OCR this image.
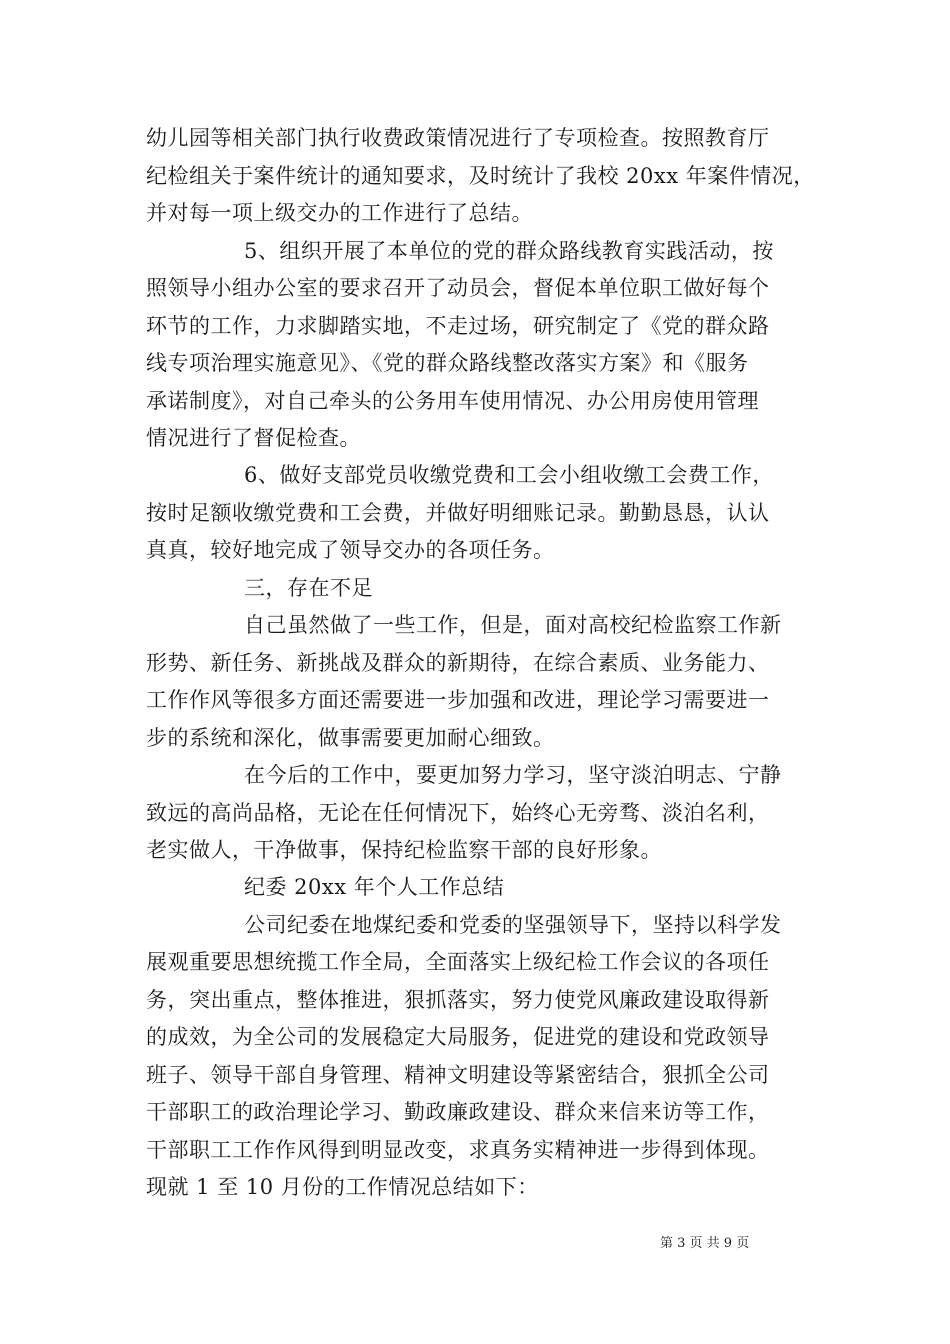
幼儿园等相关部门执行收费政策情况进行了专项检查。按照教育厅
纪检组关于案件统计的通知要求，及时统计了我校 20xx 年案件情况，
并对每一项上级交办的工作进行了总结。
5、组织开展了本单位的党的群众路线教育实践活动，按
照领导小组办公室的要求召开了动员会，督促本单位职工做好每个
环节的工作，力求脚踏实地，不走过场，研究制定了《党的群众路
线专项治理实施意见》、《党的群众路线整改落实方案》和《服务
承诺制度》，对自己牵头的公务用车使用情况、办公用房使用管理
情况进行了督促检查。
6、做好支部党员收缴党费和工会小组收缴工会费工作，
按时足额收缴党费和工会费，并做好明细账记录。勤勤恳恳，认认
真真，较好地完成了领导交办的各项任务。
三，存在不足
自己虽然做了一些工作，但是，面对高校纪检监察工作新
形势、新任务、新挑战及群众的新期待，在综合素质、业务能力、
工作作风等很多方面还需要进一步加强和改进，理论学习需要进一
步的系统和深化，做事需要更加耐心细致。
在今后的工作中，要更加努力学习，坚守淡泊明志、宁静
致远的高尚品格，无论在任何情况下，始终心无旁骛、淡泊名利，
老实做人，干净做事，保持纪检监察干部的良好形象。
纪委 20xx 年个人工作总结
公司纪委在地煤纪委和党委的坚强领导下，坚持以科学发
展观重要思想统揽工作全局，全面落实上级纪检工作会议的各项任
务，突出重点，整体推进，狠抓落实，努力使党风廉政建设取得新
的成效，为全公司的发展稳定大局服务，促进党的建设和党政领导
班子、领导干部自身管理、精神文明建设等紧密结合，狠抓全公司
干部职工的政治理论学习、勤政廉政建设、群众来信来访等工作，
干部职工工作作风得到明显改变，求真务实精神进一步得到体现。
现就 1 至 10 月份的工作情况总结如下：
第 3 页 共 9 页
